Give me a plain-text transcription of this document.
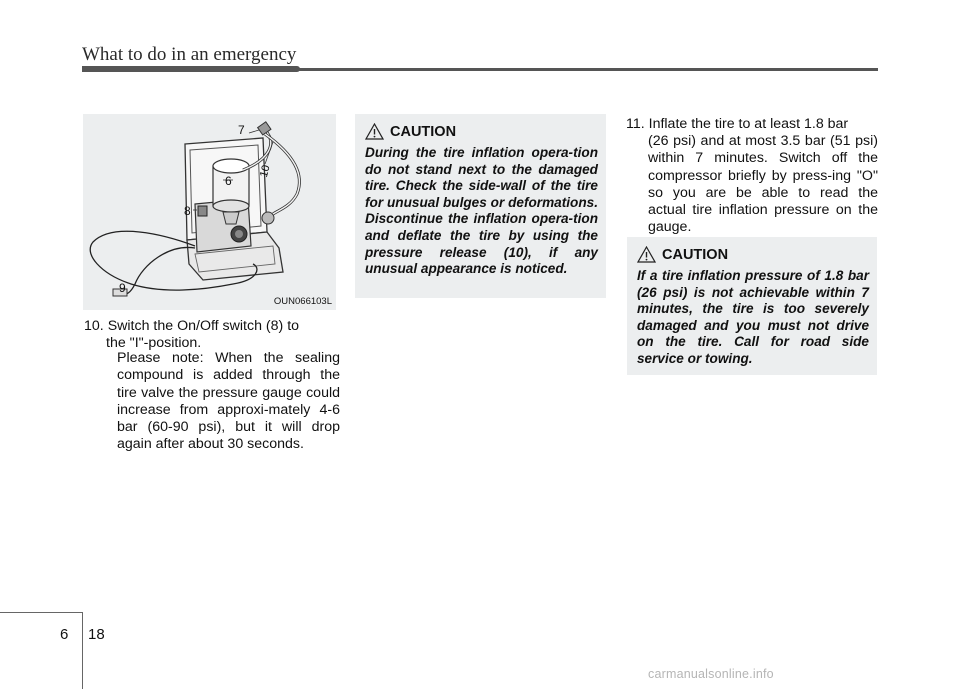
What to do in an emergency
7
10
6
8
9
OUN066103L
10. Switch the On/Off switch (8) to
the "I"-position.
Please note: When the sealing compound is added through the tire valve the pressure gauge could increase from approxi-mately 4-6 bar (60-90 psi), but it will drop again after about 30 seconds.
CAUTION
During the tire inflation opera-tion do not stand next to the damaged tire. Check the side-wall of the tire for unusual bulges or deformations. Discontinue the inflation opera-tion and deflate the tire by using the pressure release (10), if any unusual appearance is noticed.
11. Inflate the tire to at least 1.8 bar
(26 psi) and at most 3.5 bar (51 psi) within 7 minutes. Switch off the compressor briefly by press-ing "O" so you are be able to read the actual tire inflation pressure on the gauge.
CAUTION
If a tire inflation pressure of 1.8 bar (26 psi) is not achievable within 7 minutes, the tire is too severely damaged and you must not drive on the tire. Call for road side service or towing.
6 18
carmanualsonline.info
